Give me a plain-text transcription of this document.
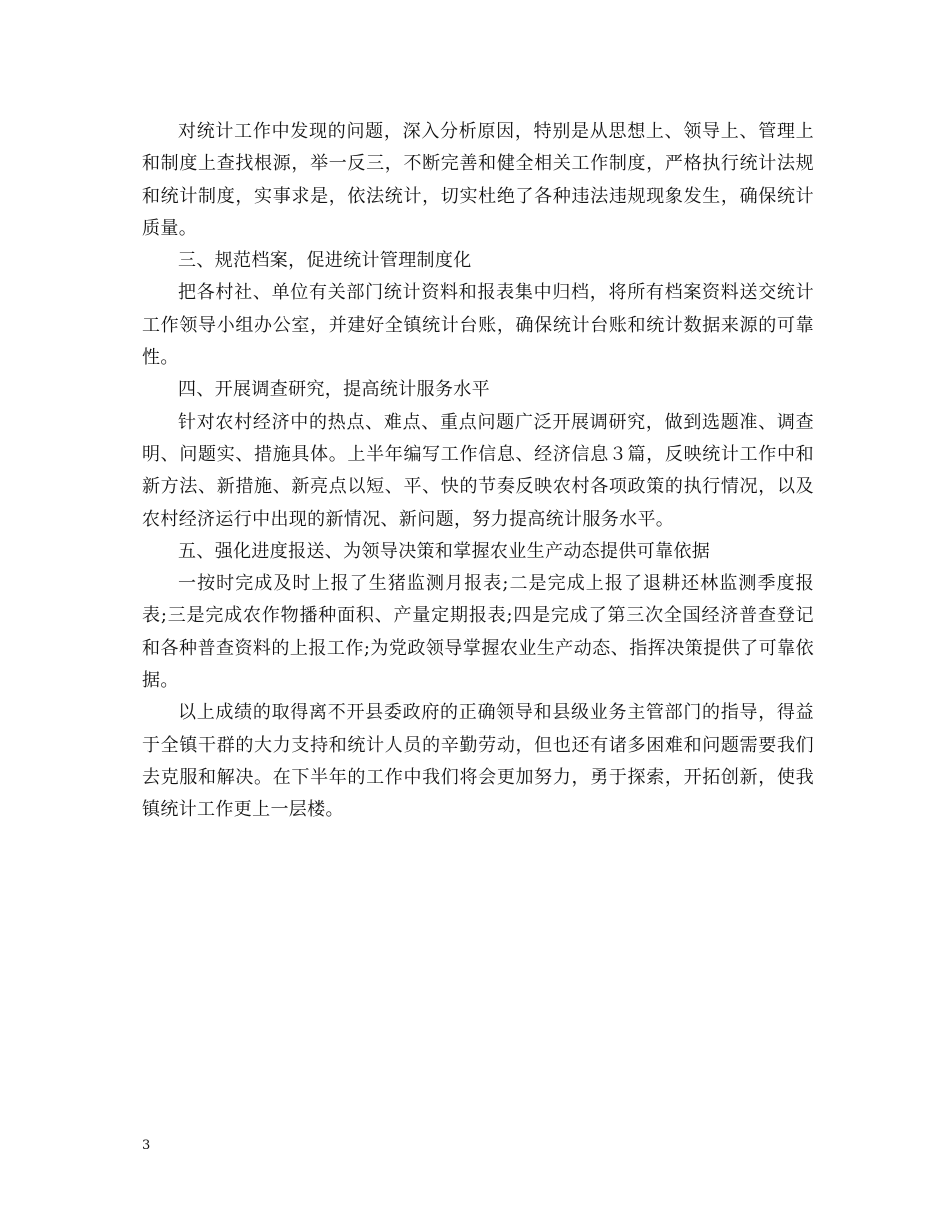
对统计工作中发现的问题，深入分析原因，特别是从思想上、领导上、管理上和制度上查找根源，举一反三，不断完善和健全相关工作制度，严格执行统计法规和统计制度，实事求是，依法统计，切实杜绝了各种违法违规现象发生，确保统计质量。

三、规范档案，促进统计管理制度化

把各村社、单位有关部门统计资料和报表集中归档，将所有档案资料送交统计工作领导小组办公室，并建好全镇统计台账，确保统计台账和统计数据来源的可靠性。

四、开展调查研究，提高统计服务水平

针对农村经济中的热点、难点、重点问题广泛开展调研究，做到选题准、调查明、问题实、措施具体。上半年编写工作信息、经济信息３篇，反映统计工作中和新方法、新措施、新亮点以短、平、快的节奏反映农村各项政策的执行情况，以及农村经济运行中出现的新情况、新问题，努力提高统计服务水平。

五、强化进度报送、为领导决策和掌握农业生产动态提供可靠依据

一按时完成及时上报了生猪监测月报表;二是完成上报了退耕还林监测季度报表;三是完成农作物播种面积、产量定期报表;四是完成了第三次全国经济普查登记和各种普查资料的上报工作;为党政领导掌握农业生产动态、指挥决策提供了可靠依据。

以上成绩的取得离不开县委政府的正确领导和县级业务主管部门的指导，得益于全镇干群的大力支持和统计人员的辛勤劳动，但也还有诸多困难和问题需要我们去克服和解决。在下半年的工作中我们将会更加努力，勇于探索，开拓创新，使我镇统计工作更上一层楼。

3
